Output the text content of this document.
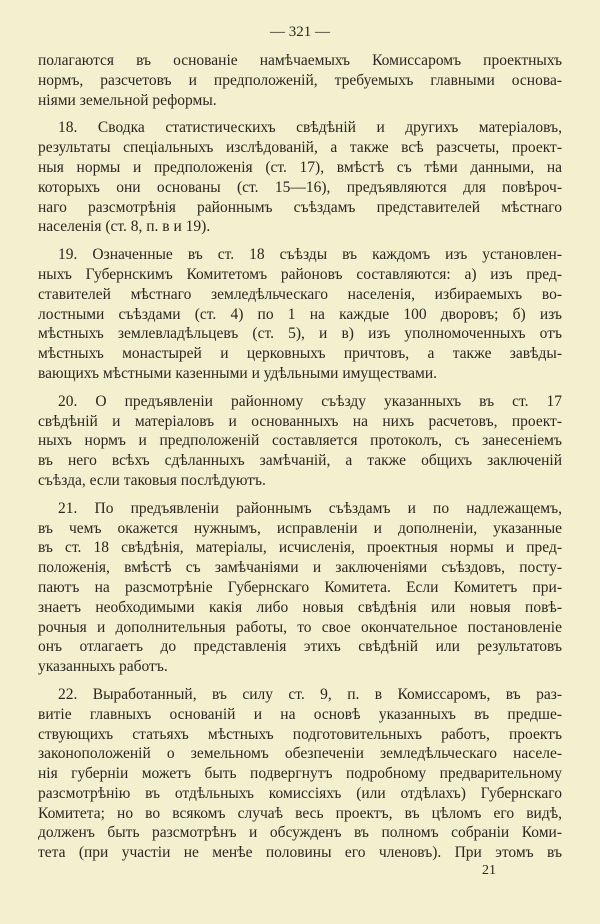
— 321 —
полагаются въ основаніе намѣчаемыхъ Комиссаромъ проектныхъ
нормъ, разсчетовъ и предположеній, требуемыхъ главными основа-
ніями земельной реформы.
18. Сводка статистическихъ свѣдѣній и другихъ матеріаловъ,
результаты спеціальныхъ изслѣдованій, а также всѣ разсчеты, проект-
ныя нормы и предположенія (ст. 17), вмѣстѣ съ тѣми данными, на
которыхъ они основаны (ст. 15—16), предъявляются для повѣроч-
наго разсмотрѣнія районнымъ съѣздамъ представителей мѣстнаго
населенія (ст. 8, п. в и 19).
19. Означенные въ ст. 18 съѣзды въ каждомъ изъ установлен-
ныхъ Губернскимъ Комитетомъ районовъ составляются: а) изъ пред-
ставителей мѣстнаго земледѣльческаго населенія, избираемыхъ во-
лостными съѣздами (ст. 4) по 1 на каждые 100 дворовъ; б) изъ
мѣстныхъ землевладѣльцевъ (ст. 5), и в) изъ уполномоченныхъ отъ
мѣстныхъ монастырей и церковныхъ причтовъ, а также завѣды-
вающихъ мѣстными казенными и удѣльными имуществами.
20. О предъявленіи районному съѣзду указанныхъ въ ст. 17
свѣдѣній и матеріаловъ и основанныхъ на нихъ расчетовъ, проект-
ныхъ нормъ и предположеній составляется протоколъ, съ занесеніемъ
въ него всѣхъ сдѣланныхъ замѣчаній, а также общихъ заключеній
съѣзда, если таковыя послѣдуютъ.
21. По предъявленіи районнымъ съѣздамъ и по надлежащемъ,
въ чемъ окажется нужнымъ, исправленіи и дополненіи, указанные
въ ст. 18 свѣдѣнія, матеріалы, исчисленія, проектныя нормы и пред-
положенія, вмѣстѣ съ замѣчаніями и заключеніями съѣздовъ, посту-
паютъ на разсмотрѣніе Губернскаго Комитета. Если Комитетъ при-
знаетъ необходимыми какія либо новыя свѣдѣнія или новыя повѣ-
рочныя и дополнительныя работы, то свое окончательное постановленіе
онъ отлагаетъ до представленія этихъ свѣдѣній или результатовъ
указанныхъ работъ.
22. Выработанный, въ силу ст. 9, п. в Комиссаромъ, въ раз-
витіе главныхъ основаній и на основѣ указанныхъ въ предше-
ствующихъ статьяхъ мѣстныхъ подготовительныхъ работъ, проектъ
законоположеній о земельномъ обезпеченіи земледѣльческаго населе-
нія губерніи можетъ быть подвергнутъ подробному предварительному
разсмотрѣнію въ отдѣльныхъ комиссіяхъ (или отдѣлахъ) Губернскаго
Комитета; но во всякомъ случаѣ весь проектъ, въ цѣломъ его видѣ,
долженъ быть разсмотрѣнъ и обсужденъ въ полномъ собраніи Коми-
тета (при участіи не менѣе половины его членовъ). При этомъ въ
21
